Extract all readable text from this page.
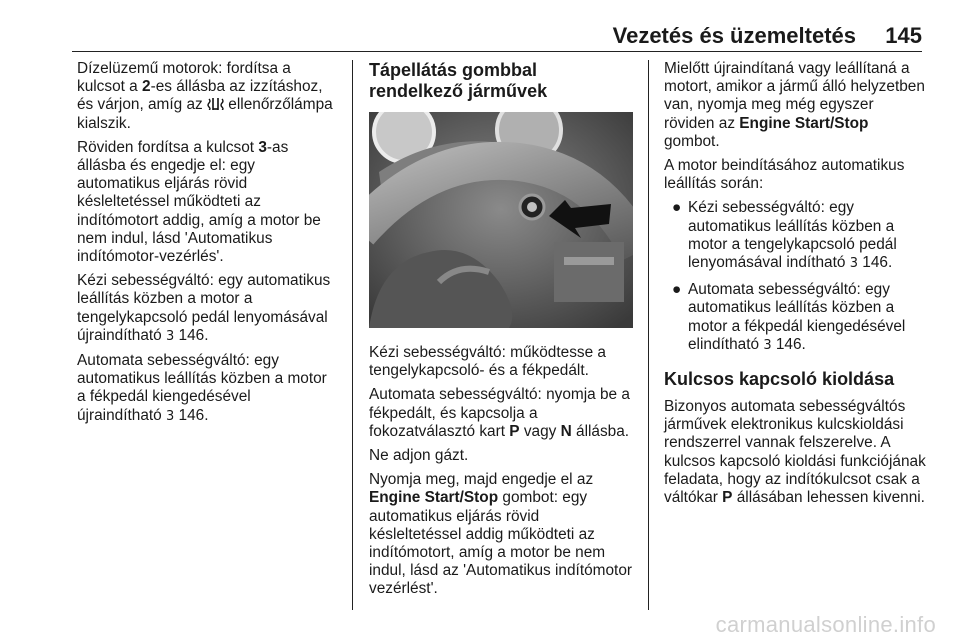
Vezetés és üzemeltetés 145

Dízelüzemű motorok: fordítsa a kulcsot a 2-es állásba az izzításhoz, és várjon, amíg az  ellenőrzőlámpa kialszik.

Röviden fordítsa a kulcsot 3-as állásba és engedje el: egy automatikus eljárás rövid késleltetéssel működteti az indítómotort addig, amíg a motor be nem indul, lásd 'Automatikus indítómotor-vezérlés'.

Kézi sebességváltó: egy automatikus leállítás közben a motor a tengelykapcsoló pedál lenyomásával újraindítható 3 146.

Automata sebességváltó: egy automatikus leállítás közben a motor a fékpedál kiengedésével újraindítható 3 146.

Tápellátás gombbal rendelkező járművek

Kézi sebességváltó: működtesse a tengelykapcsoló- és a fékpedált.

Automata sebességváltó: nyomja be a fékpedált, és kapcsolja a fokozatválasztó kart P vagy N állásba.

Ne adjon gázt.

Nyomja meg, majd engedje el az Engine Start/Stop gombot: egy automatikus eljárás rövid késleltetéssel addig működteti az indítómotort, amíg a motor be nem indul, lásd az 'Automatikus indítómotor vezérlést'.

Mielőtt újraindítaná vagy leállítaná a motort, amikor a jármű álló helyzetben van, nyomja meg még egyszer röviden az Engine Start/Stop gombot.

A motor beindításához automatikus leállítás során:

● Kézi sebességváltó: egy automatikus leállítás közben a motor a tengelykapcsoló pedál lenyomásával indítható 3 146.
● Automata sebességváltó: egy automatikus leállítás közben a motor a fékpedál kiengedésével elindítható 3 146.
Kulcsos kapcsoló kioldása

Bizonyos automata sebességváltós járművek elektronikus kulcskioldási rendszerrel vannak felszerelve. A kulcsos kapcsoló kioldási funkciójának feladata, hogy az indítókulcsot csak a váltókar P állásában lehessen kivenni.

carmanualsonline.info
